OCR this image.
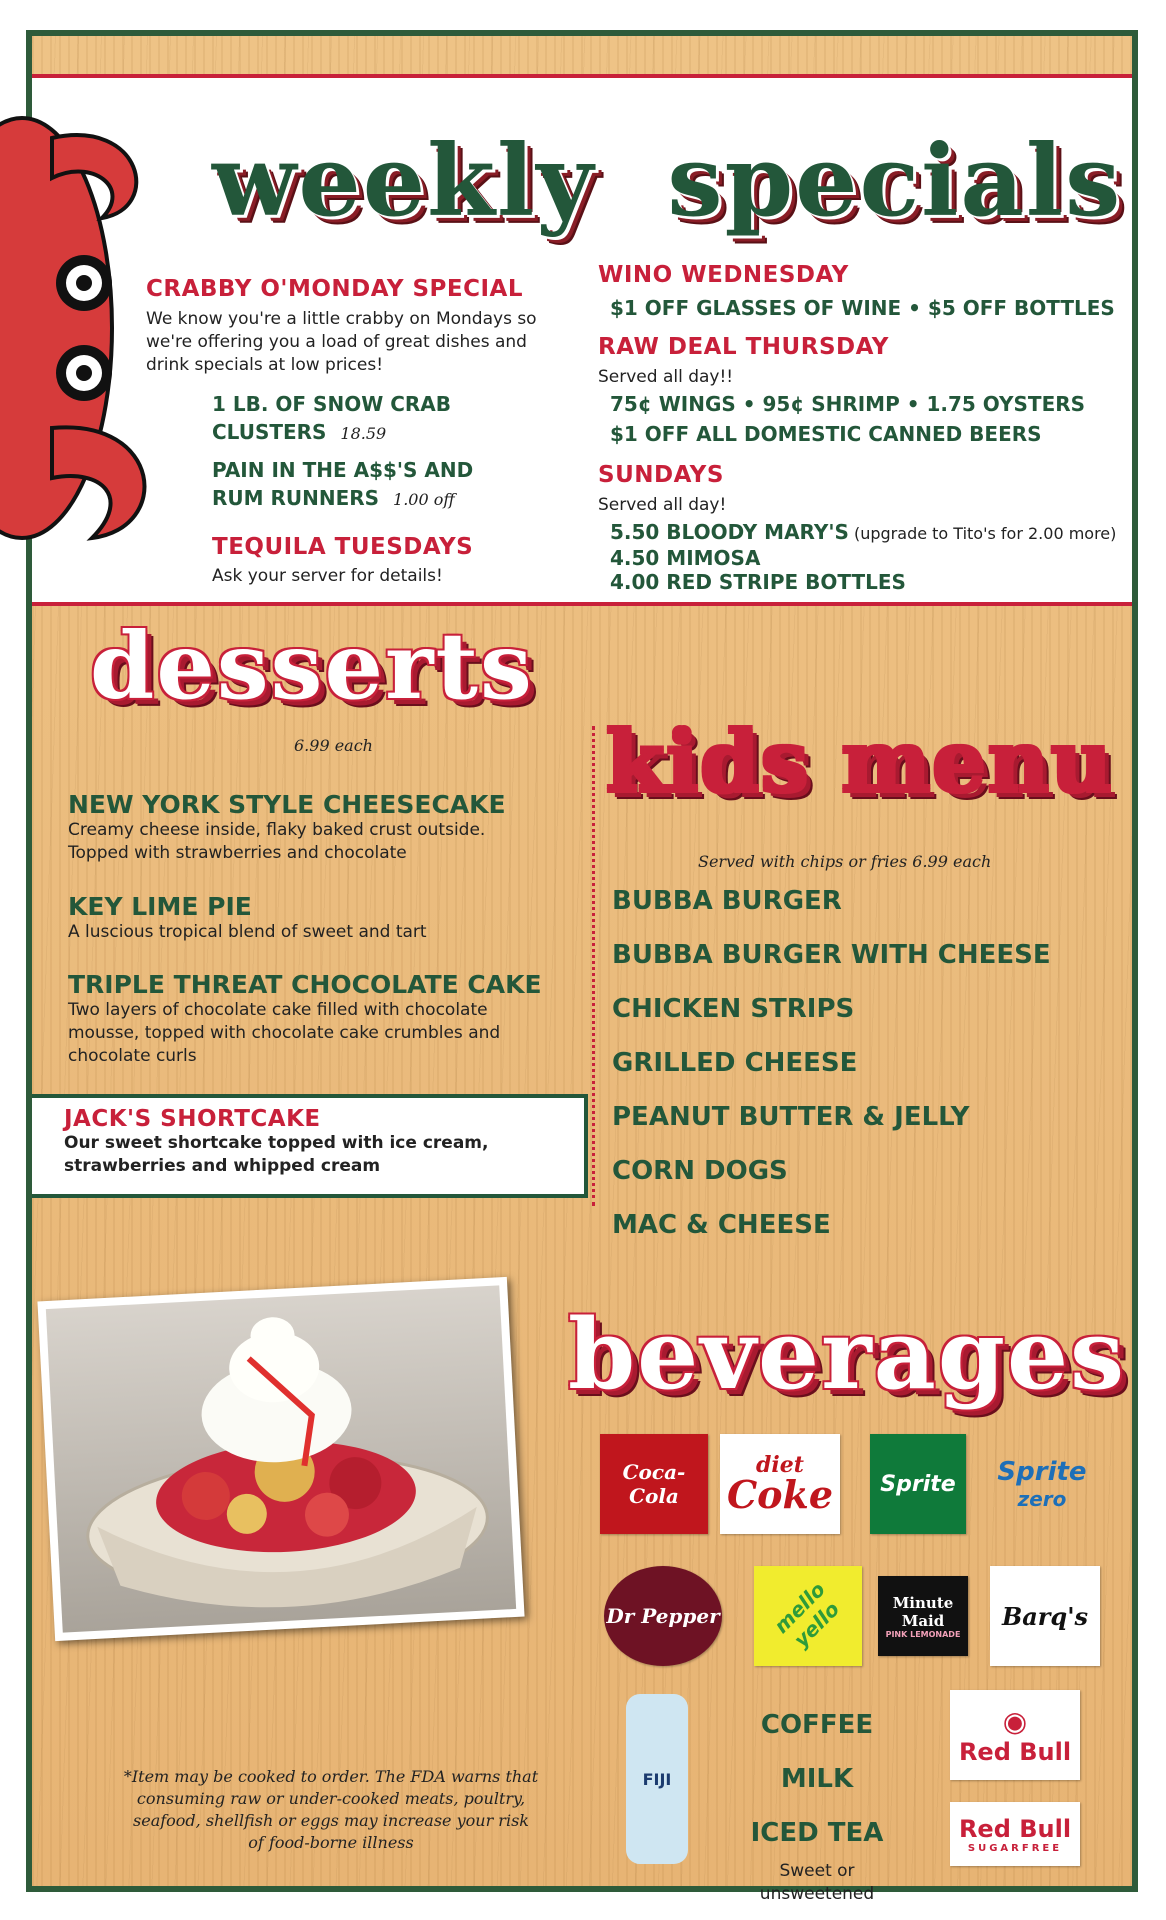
weekly specials
CRABBY O'MONDAY SPECIAL
We know you're a little crabby on Mondays so
we're offering you a load of great dishes and
drink specials at low prices!
1 LB. OF SNOW CRAB
CLUSTERS 18.59
PAIN IN THE A$$'S AND
RUM RUNNERS 1.00 off
TEQUILA TUESDAYS
Ask your server for details!
WINO WEDNESDAY
$1 OFF GLASSES OF WINE • $5 OFF BOTTLES
RAW DEAL THURSDAY
Served all day!!
75¢ WINGS • 95¢ SHRIMP • 1.75 OYSTERS
$1 OFF ALL DOMESTIC CANNED BEERS
SUNDAYS
Served all day!
5.50 BLOODY MARY'S (upgrade to Tito's for 2.00 more)
4.50 MIMOSA
4.00 RED STRIPE BOTTLES
desserts
6.99 each
NEW YORK STYLE CHEESECAKE
Creamy cheese inside, flaky baked crust outside.
Topped with strawberries and chocolate
KEY LIME PIE
A luscious tropical blend of sweet and tart
TRIPLE THREAT CHOCOLATE CAKE
Two layers of chocolate cake filled with chocolate
mousse, topped with chocolate cake crumbles and
chocolate curls
JACK'S SHORTCAKE
Our sweet shortcake topped with ice cream,
strawberries and whipped cream
kids menu
Served with chips or fries 6.99 each
BUBBA BURGER
BUBBA BURGER WITH CHEESE
CHICKEN STRIPS
GRILLED CHEESE
PEANUT BUTTER & JELLY
CORN DOGS
MAC & CHEESE
beverages
Coca-Cola
diet
Coke Sprite Sprite
zero
Dr Pepper	mello yello	Minute
Maid
PINK LEMONADE
Barq's
FIJI
COFFEE
MILK
ICED TEA
Sweet or unsweetened
◉
Red Bull
Red Bull
SUGARFREE
*Item may be cooked to order. The FDA warns that
consuming raw or under-cooked meats, poultry,
seafood, shellfish or eggs may increase your risk
of food-borne illness
